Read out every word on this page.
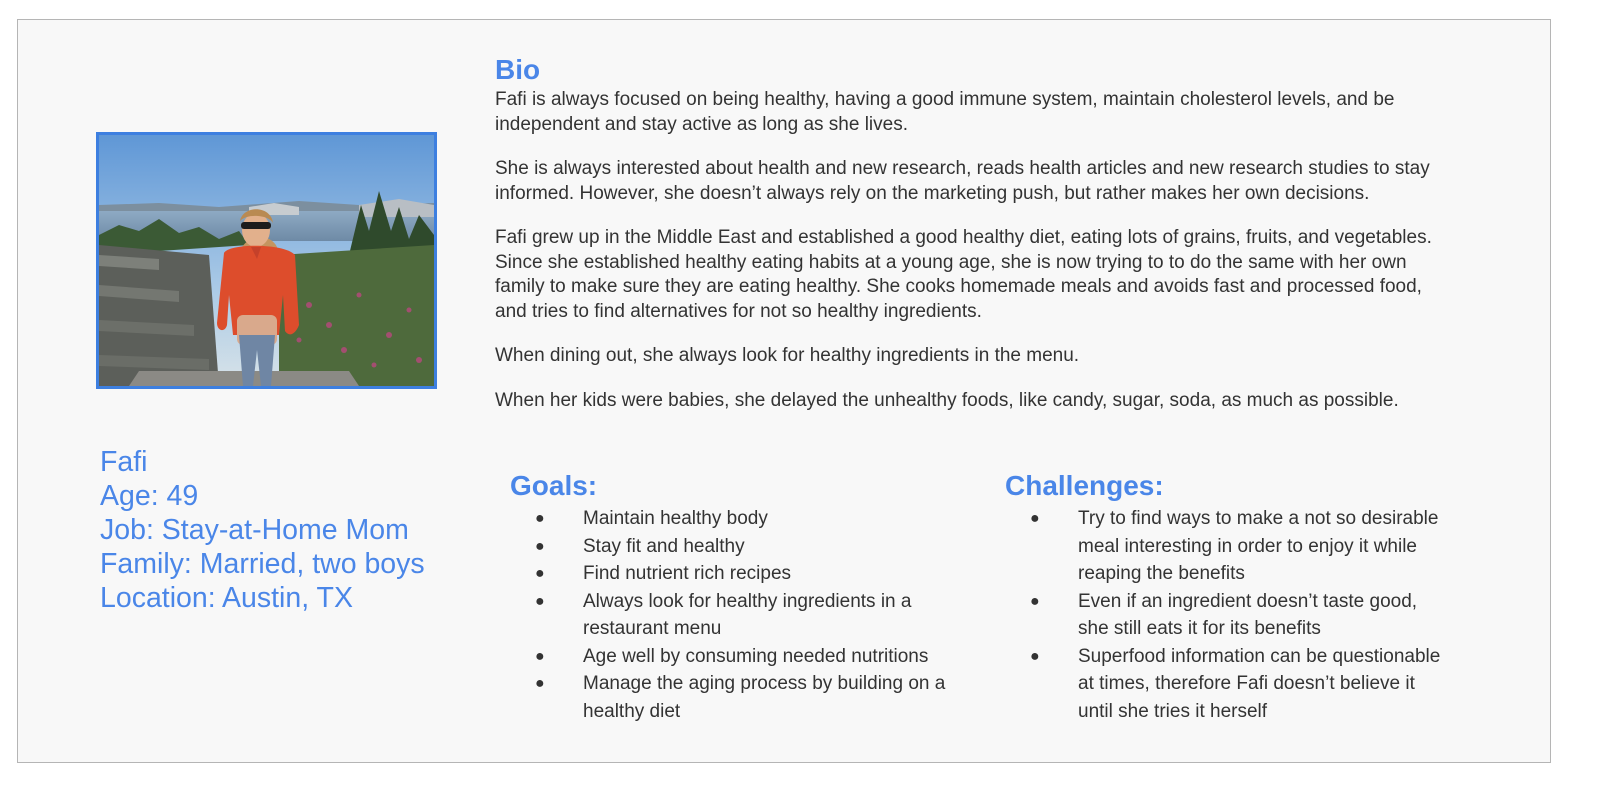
Fafi
Age: 49
Job: Stay-at-Home Mom
Family: Married, two boys
Location: Austin, TX
Bio

Fafi is always focused on being healthy, having a good immune system, maintain cholesterol levels, and be independent and stay active as long as she lives.

She is always interested about health and new research, reads health articles and new research studies to stay informed. However, she doesn’t always rely on the marketing push, but rather makes her own decisions.

Fafi grew up in the Middle East and established a good healthy diet, eating lots of grains, fruits, and vegetables. Since she established healthy eating habits at a young age, she is now trying to to do the same with her own family to make sure they are eating healthy. She cooks homemade meals and avoids fast and processed food, and tries to find alternatives for not so healthy ingredients.

When dining out, she always look for healthy ingredients in the menu.

When her kids were babies, she delayed the unhealthy foods, like candy, sugar, soda, as much as possible.

Goals:
● Maintain healthy body
● Stay fit and healthy
● Find nutrient rich recipes
● Always look for healthy ingredients in a restaurant menu
● Age well by consuming needed nutritions
● Manage the aging process by building on a healthy diet
Challenges:
● Try to find ways to make a not so desirable meal interesting in order to enjoy it while reaping the benefits
● Even if an ingredient doesn’t taste good, she still eats it for its benefits
● Superfood information can be questionable at times, therefore Fafi doesn’t believe it until she tries it herself
